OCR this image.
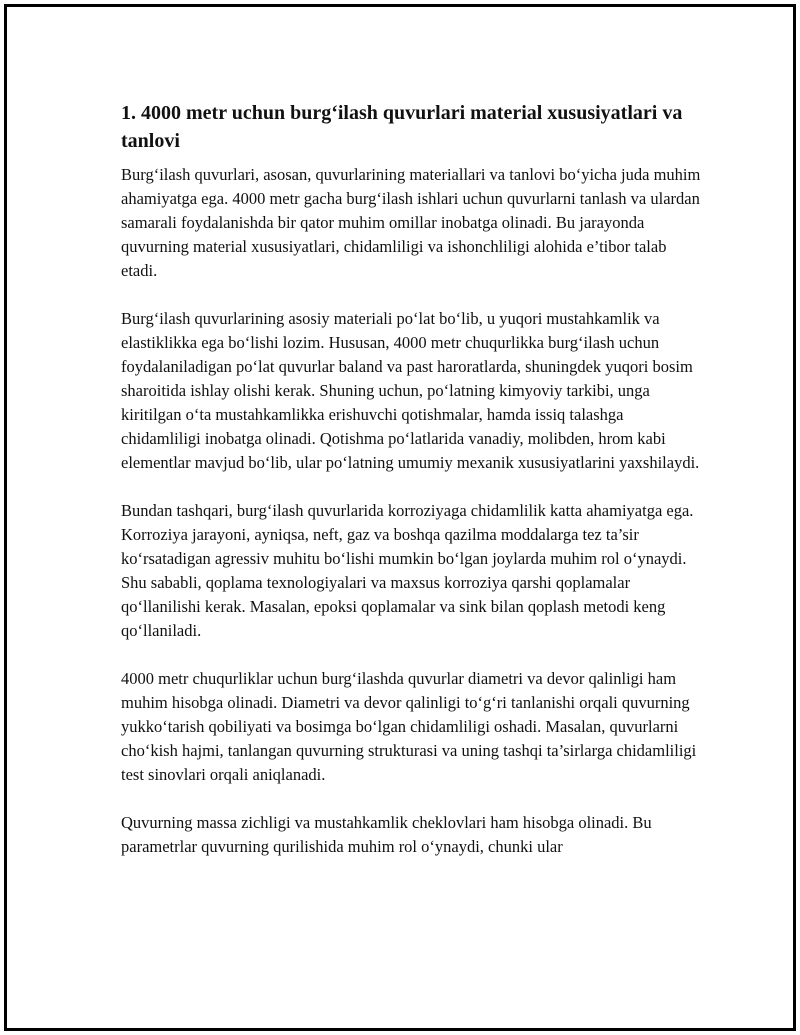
1. 4000 metr uchun burg‘ilash quvurlari material xususiyatlari va tanlovi

Burg‘ilash quvurlari, asosan, quvurlarining materiallari va tanlovi bo‘yicha juda muhim ahamiyatga ega. 4000 metr gacha burg‘ilash ishlari uchun quvurlarni tanlash va ulardan samarali foydalanishda bir qator muhim omillar inobatga olinadi. Bu jarayonda quvurning material xususiyatlari, chidamliligi va ishonchliligi alohida e’tibor talab etadi.

Burg‘ilash quvurlarining asosiy materiali po‘lat bo‘lib, u yuqori mustahkamlik va elastiklikka ega bo‘lishi lozim. Hususan, 4000 metr chuqurlikka burg‘ilash uchun foydalaniladigan po‘lat quvurlar baland va past haroratlarda, shuningdek yuqori bosim sharoitida ishlay olishi kerak. Shuning uchun, po‘latning kimyoviy tarkibi, unga kiritilgan o‘ta mustahkamlikka erishuvchi qotishmalar, hamda issiq talashga chidamliligi inobatga olinadi. Qotishma po‘latlarida vanadiy, molibden, hrom kabi elementlar mavjud bo‘lib, ular po‘latning umumiy mexanik xususiyatlarini yaxshilaydi.

Bundan tashqari, burg‘ilash quvurlarida korroziyaga chidamlilik katta ahamiyatga ega. Korroziya jarayoni, ayniqsa, neft, gaz va boshqa qazilma moddalarga tez ta’sir ko‘rsatadigan agressiv muhitu bo‘lishi mumkin bo‘lgan joylarda muhim rol o‘ynaydi. Shu sababli, qoplama texnologiyalari va maxsus korroziya qarshi qoplamalar qo‘llanilishi kerak. Masalan, epoksi qoplamalar va sink bilan qoplash metodi keng qo‘llaniladi.

4000 metr chuqurliklar uchun burg‘ilashda quvurlar diametri va devor qalinligi ham muhim hisobga olinadi. Diametri va devor qalinligi to‘g‘ri tanlanishi orqali quvurning yukko‘tarish qobiliyati va bosimga bo‘lgan chidamliligi oshadi. Masalan, quvurlarni cho‘kish hajmi, tanlangan quvurning strukturasi va uning tashqi ta’sirlarga chidamliligi test sinovlari orqali aniqlanadi.

Quvurning massa zichligi va mustahkamlik cheklovlari ham hisobga olinadi. Bu parametrlar quvurning qurilishida muhim rol o‘ynaydi, chunki ular
